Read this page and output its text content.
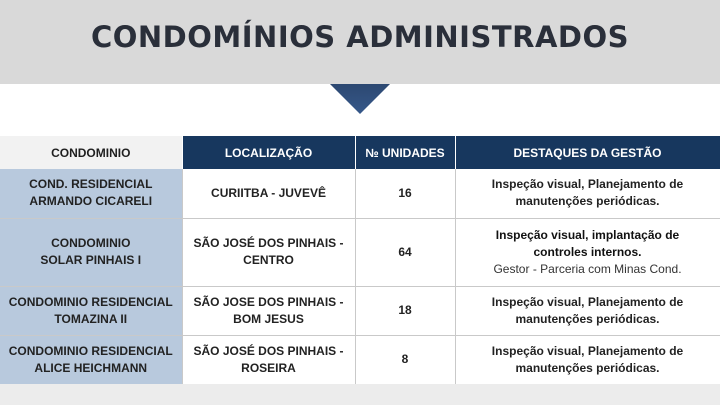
CONDOMÍNIOS ADMINISTRADOS
CONDOMINIO	LOCALIZAÇÃO	№ UNIDADES	DESTAQUES DA GESTÃO

COND. RESIDENCIAL
ARMANDO CICARELI	CURIITBA - JUVEVÊ	16	Inspeção visual, Planejamento de
manutenções periódicas.

CONDOMINIO
SOLAR PINHAIS I	SÃO JOSÉ DOS PINHAIS -
CENTRO	64	Inspeção visual, implantação de
controles internos.
Gestor - Parceria com Minas Cond.

CONDOMINIO RESIDENCIAL
TOMAZINA II	SÃO JOSE DOS PINHAIS -
BOM JESUS	18	Inspeção visual, Planejamento de
manutenções periódicas.

CONDOMINIO RESIDENCIAL
ALICE HEICHMANN	SÃO JOSÉ DOS PINHAIS -
ROSEIRA	8	Inspeção visual, Planejamento de
manutenções periódicas.
